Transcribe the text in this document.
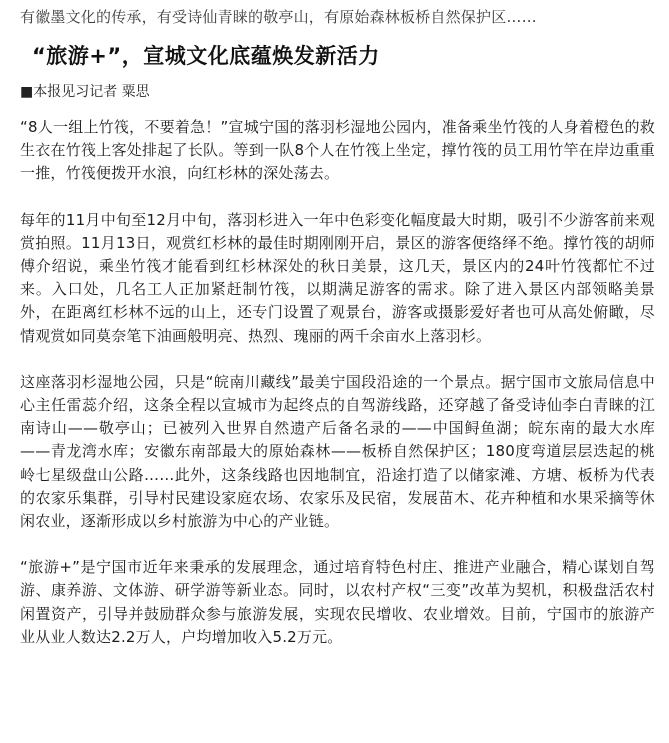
有徽墨文化的传承，有受诗仙青睐的敬亭山，有原始森林板桥自然保护区……
“旅游+”，宣城文化底蕴焕发新活力
■本报见习记者 粟思
“8人一组上竹筏，不要着急！”宣城宁国的落羽杉湿地公园内，准备乘坐竹筏的人身着橙色的救生衣在竹筏上客处排起了长队。等到一队8个人在竹筏上坐定，撑竹筏的员工用竹竿在岸边重重一推，竹筏便拨开水浪，向红杉林的深处荡去。
每年的11月中旬至12月中旬，落羽杉进入一年中色彩变化幅度最大时期，吸引不少游客前来观赏拍照。11月13日，观赏红杉林的最佳时期刚刚开启，景区的游客便络绎不绝。撑竹筏的胡师傅介绍说，乘坐竹筏才能看到红杉林深处的秋日美景，这几天，景区内的24叶竹筏都忙不过来。入口处，几名工人正加紧赶制竹筏，以期满足游客的需求。除了进入景区内部领略美景外，在距离红杉林不远的山上，还专门设置了观景台，游客或摄影爱好者也可从高处俯瞰，尽情观赏如同莫奈笔下油画般明亮、热烈、瑰丽的两千余亩水上落羽杉。
这座落羽杉湿地公园，只是“皖南川藏线”最美宁国段沿途的一个景点。据宁国市文旅局信息中心主任雷蕊介绍，这条全程以宣城市为起终点的自驾游线路，还穿越了备受诗仙李白青睐的江南诗山——敬亭山；已被列入世界自然遗产后备名录的——中国鲟鱼湖；皖东南的最大水库——青龙湾水库；安徽东南部最大的原始森林——板桥自然保护区；180度弯道层层迭起的桃岭七星级盘山公路……此外，这条线路也因地制宜，沿途打造了以储家滩、方塘、板桥为代表的农家乐集群，引导村民建设家庭农场、农家乐及民宿，发展苗木、花卉种植和水果采摘等休闲农业，逐渐形成以乡村旅游为中心的产业链。
“旅游+”是宁国市近年来秉承的发展理念，通过培育特色村庄、推进产业融合，精心谋划自驾游、康养游、文体游、研学游等新业态。同时，以农村产权“三变”改革为契机，积极盘活农村闲置资产，引导并鼓励群众参与旅游发展，实现农民增收、农业增效。目前，宁国市的旅游产业从业人数达2.2万人，户均增加收入5.2万元。
